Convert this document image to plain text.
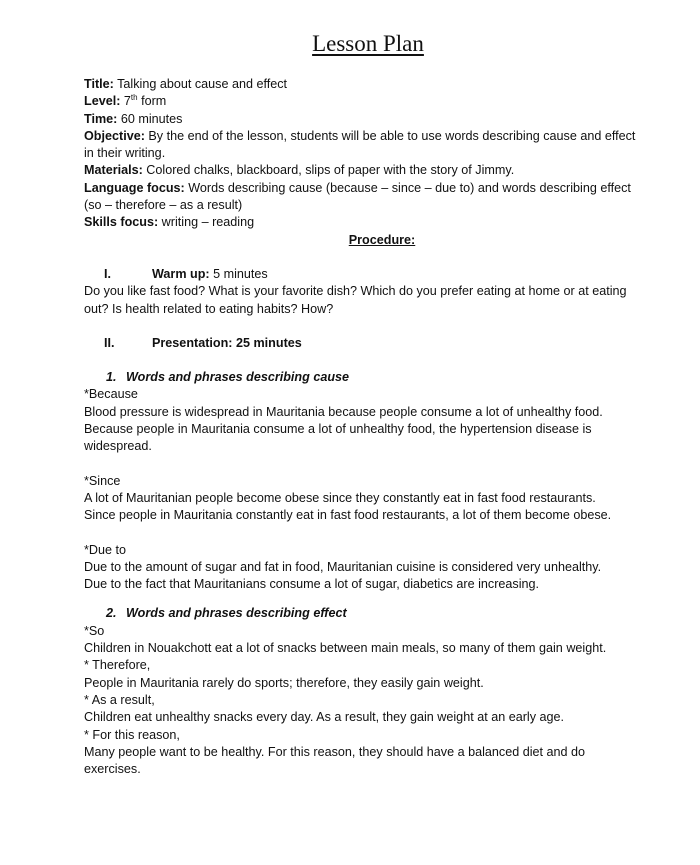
Lesson Plan

Title: Talking about cause and effect

Level: 7th form

Time: 60 minutes

Objective: By the end of the lesson, students will be able to use words describing cause and effect in their writing.

Materials: Colored chalks, blackboard, slips of paper with the story of Jimmy.

Language focus: Words describing cause (because – since – due to) and words describing effect (so – therefore – as a result)

Skills focus: writing – reading

Procedure:

I.	Warm up: 5 minutes

Do you like fast food? What is your favorite dish? Which do you prefer eating at home or at eating out? Is health related to eating habits? How?

II.	Presentation: 25 minutes

1. Words and phrases describing cause

*Because

Blood pressure is widespread in Mauritania because people consume a lot of unhealthy food.

Because people in Mauritania consume a lot of unhealthy food, the hypertension disease is widespread.

*Since

A lot of Mauritanian people become obese since they constantly eat in fast food restaurants.

Since people in Mauritania constantly eat in fast food restaurants, a lot of them become obese.

*Due to

Due to the amount of sugar and fat in food, Mauritanian cuisine is considered very unhealthy.

Due to the fact that Mauritanians consume a lot of sugar, diabetics are increasing.

2. Words and phrases describing effect

*So

Children in Nouakchott eat a lot of snacks between main meals, so many of them gain weight.

* Therefore,

People in Mauritania rarely do sports; therefore, they easily gain weight.

* As a result,

Children eat unhealthy snacks every day. As a result, they gain weight at an early age.

* For this reason,

Many people want to be healthy. For this reason, they should have a balanced diet and do exercises.
